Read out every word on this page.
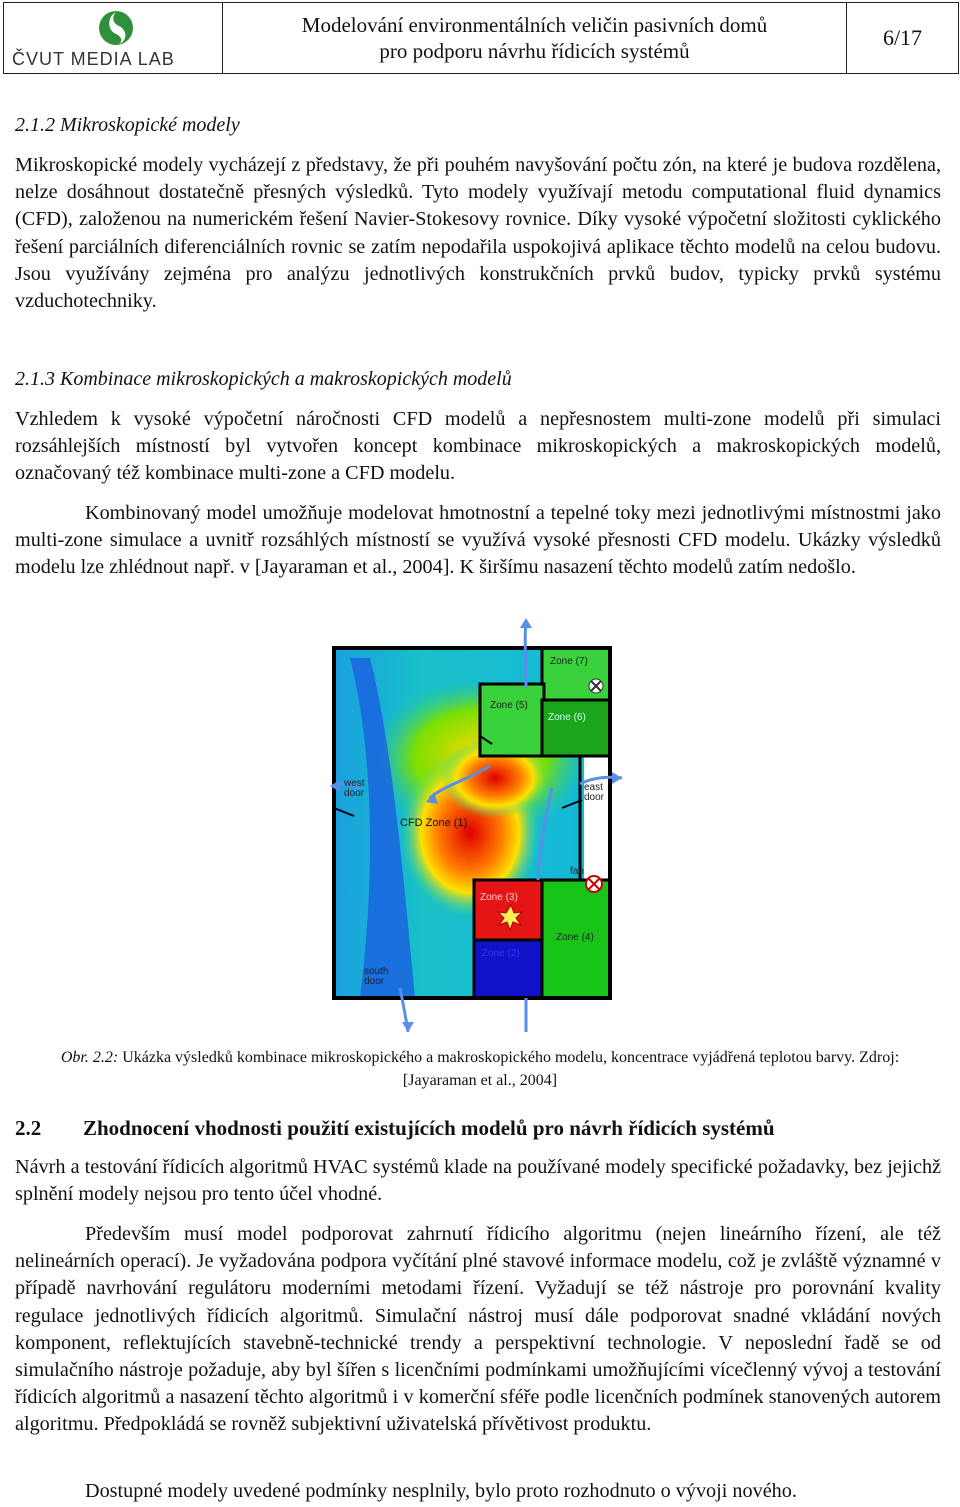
ČVUT MEDIA LAB
Modelování environmentálních veličin pasivních domů
pro podporu návrhu řídicích systémů
6/17
2.1.2 Mikroskopické modely

Mikroskopické modely vycházejí z představy, že při pouhém navyšování počtu zón, na které je budova rozdělena, nelze dosáhnout dostatečně přesných výsledků. Tyto modely využívají metodu computational fluid dynamics (CFD), založenou na numerickém řešení Navier-Stokesovy rovnice. Díky vysoké výpočetní složitosti cyklického řešení parciálních diferenciálních rovnic se zatím nepodařila uspokojivá aplikace těchto modelů na celou budovu. Jsou využívány zejména pro analýzu jednotlivých konstrukčních prvků budov, typicky prvků systému vzduchotechniky.

2.1.3 Kombinace mikroskopických a makroskopických modelů

Vzhledem k vysoké výpočetní náročnosti CFD modelů a nepřesnostem multi-zone modelů při simulaci rozsáhlejších místností byl vytvořen koncept kombinace mikroskopických a makroskopických modelů, označovaný též kombinace multi-zone a CFD modelu.

Kombinovaný model umožňuje modelovat hmotnostní a tepelné toky mezi jednotlivými místnostmi jako multi-zone simulace a uvnitř rozsáhlých místností se využívá vysoké přesnosti CFD modelu. Ukázky výsledků modelu lze zhlédnout např. v [Jayaraman et al., 2004]. K širšímu nasazení těchto modelů zatím nedošlo.

Zone (7)
Zone (5)
Zone (6)
west
door
east
door
CFD Zone (1)
fan
Zone (3)
Zone (4)
Zone (2)
south
door
Obr. 2.2: Ukázka výsledků kombinace mikroskopického a makroskopického modelu, koncentrace vyjádřená teplotou barvy. Zdroj: [Jayaraman et al., 2004]
2.2 Zhodnocení vhodnosti použití existujících modelů pro návrh řídicích systémů

Návrh a testování řídicích algoritmů HVAC systémů klade na používané modely specifické požadavky, bez jejichž splnění modely nejsou pro tento účel vhodné.

Především musí model podporovat zahrnutí řídicího algoritmu (nejen lineárního řízení, ale též nelineárních operací). Je vyžadována podpora vyčítání plné stavové informace modelu, což je zvláště významné v případě navrhování regulátoru moderními metodami řízení. Vyžadují se též nástroje pro porovnání kvality regulace jednotlivých řídicích algoritmů. Simulační nástroj musí dále podporovat snadné vkládání nových komponent, reflektujících stavebně-technické trendy a perspektivní technologie. V neposlední řadě se od simulačního nástroje požaduje, aby byl šířen s licenčními podmínkami umožňujícími vícečlenný vývoj a testování řídicích algoritmů a nasazení těchto algoritmů i v komerční sféře podle licenčních podmínek stanovených autorem algoritmu. Předpokládá se rovněž subjektivní uživatelská přívětivost produktu.

Dostupné modely uvedené podmínky nesplnily, bylo proto rozhodnuto o vývoji nového.
